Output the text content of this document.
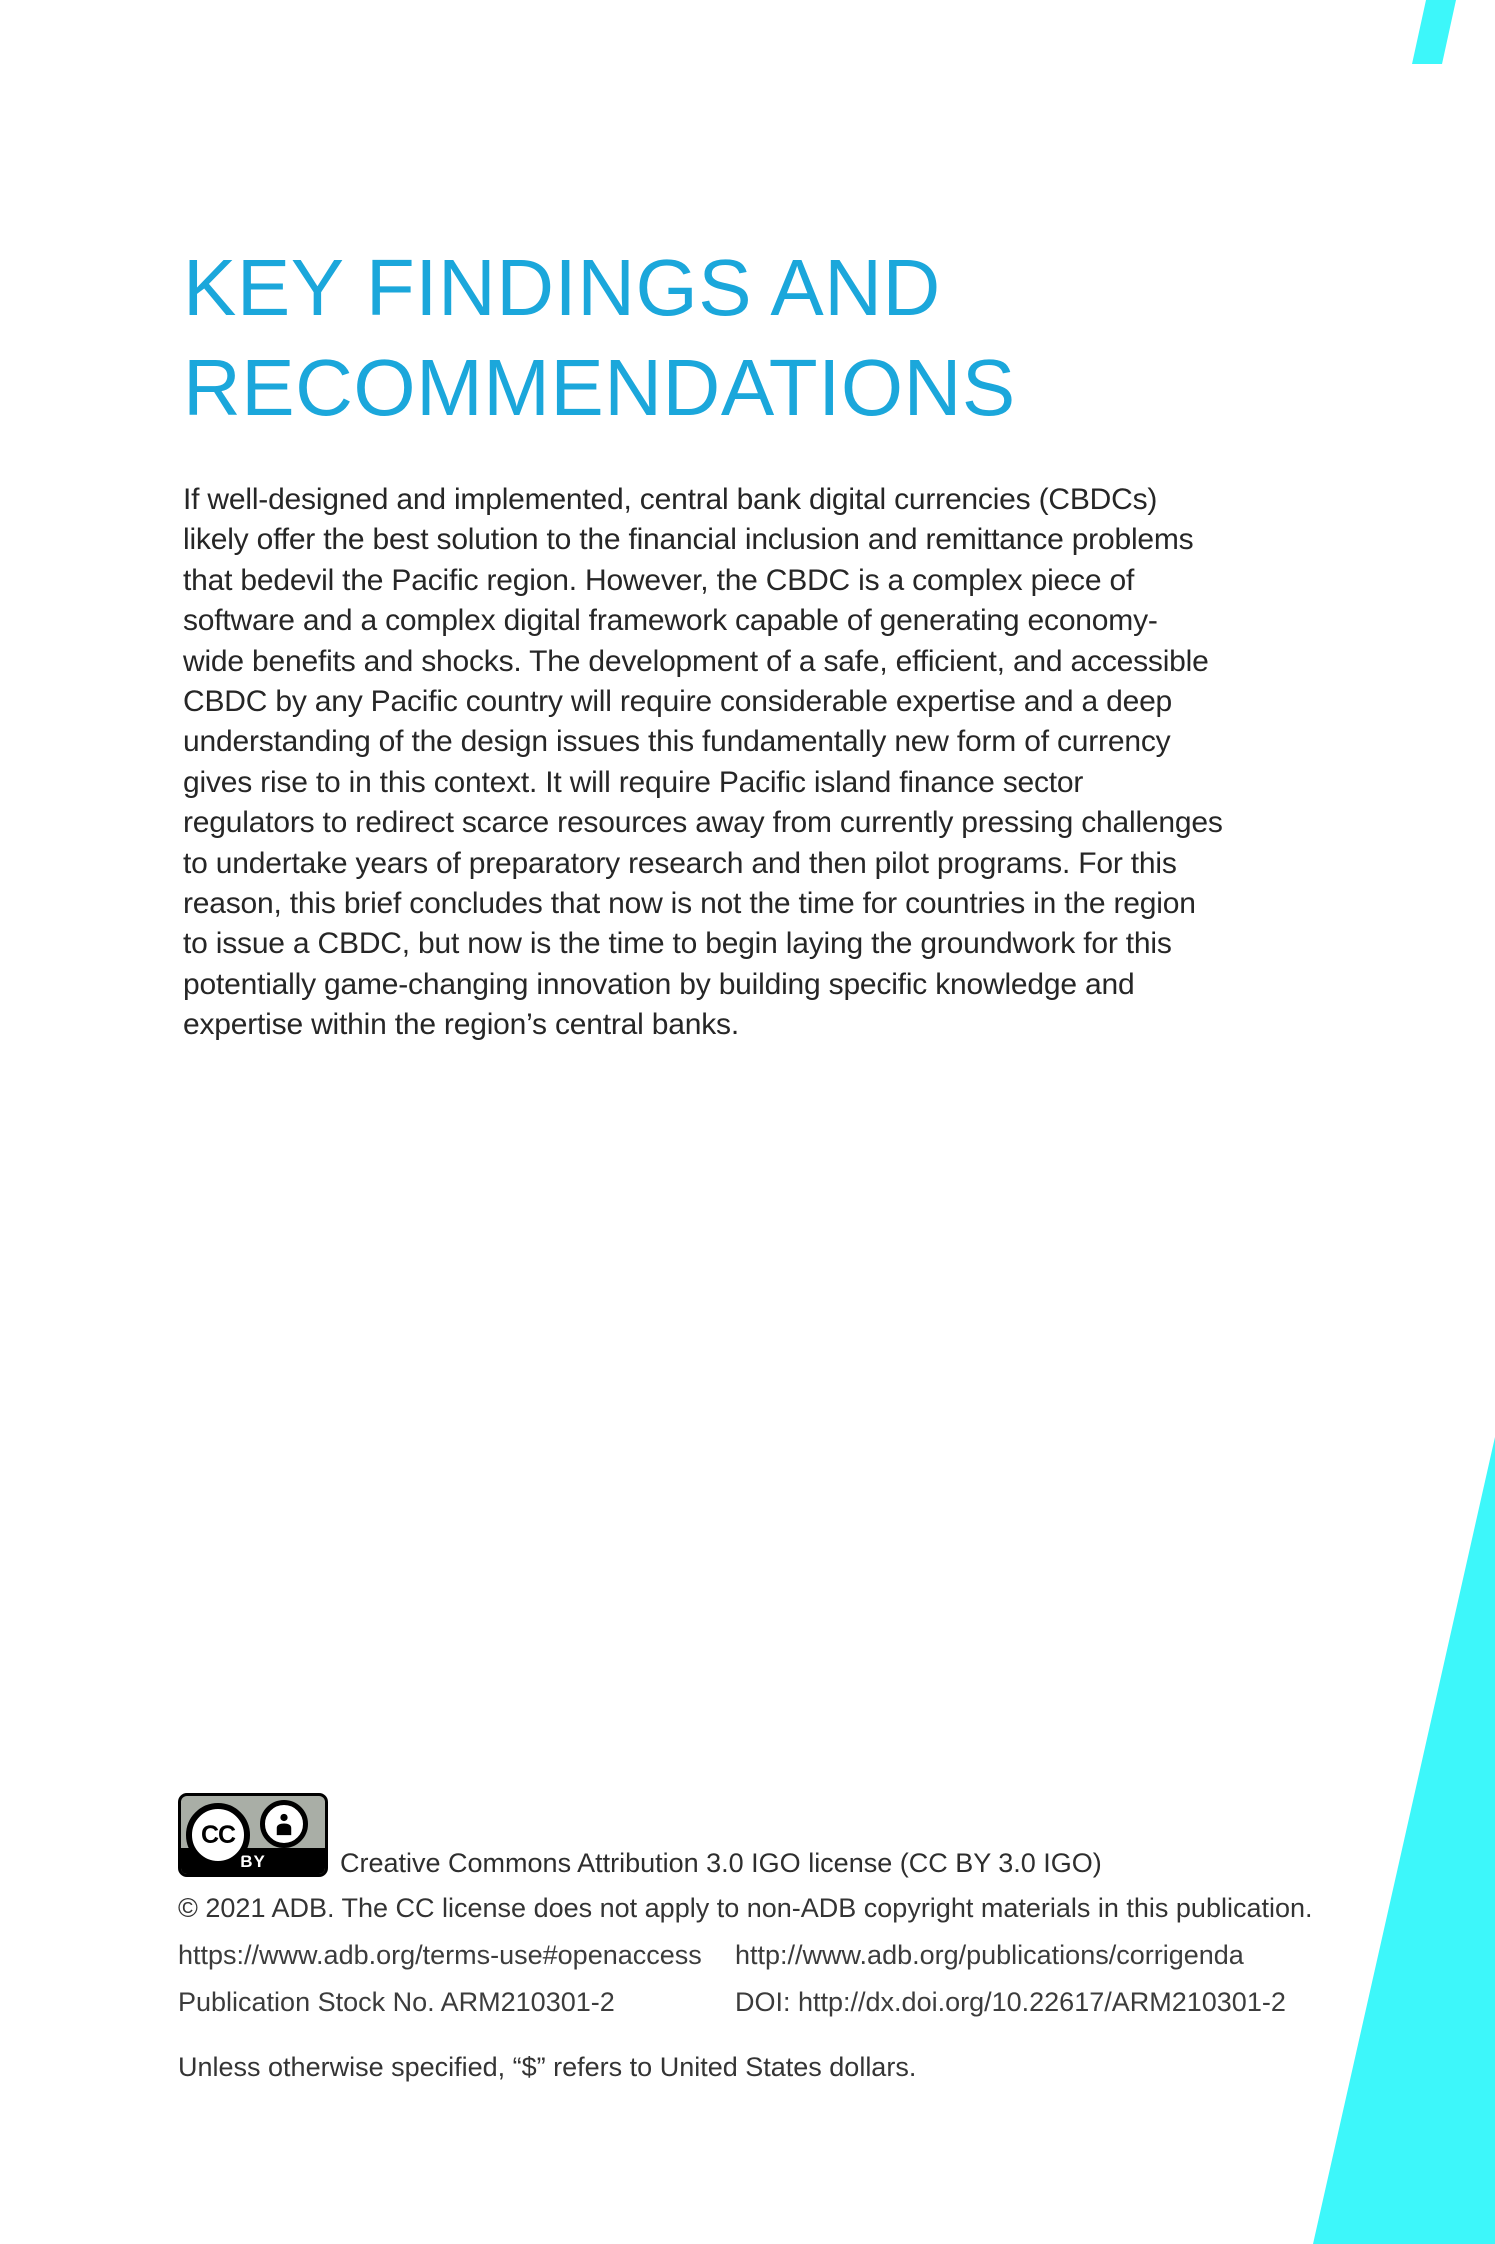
KEY FINDINGS AND
RECOMMENDATIONS
If well-designed and implemented, central bank digital currencies (CBDCs)
likely offer the best solution to the financial inclusion and remittance problems
that bedevil the Pacific region. However, the CBDC is a complex piece of
software and a complex digital framework capable of generating economy-
wide benefits and shocks. The development of a safe, efficient, and accessible
CBDC by any Pacific country will require considerable expertise and a deep
understanding of the design issues this fundamentally new form of currency
gives rise to in this context. It will require Pacific island finance sector
regulators to redirect scarce resources away from currently pressing challenges
to undertake years of preparatory research and then pilot programs. For this
reason, this brief concludes that now is not the time for countries in the region
to issue a CBDC, but now is the time to begin laying the groundwork for this
potentially game-changing innovation by building specific knowledge and
expertise within the region’s central banks.
BY
CC
Creative Commons Attribution 3.0 IGO license (CC BY 3.0 IGO)
© 2021 ADB. The CC license does not apply to non-ADB copyright materials in this publication.
https://www.adb.org/terms-use#openaccess http://www.adb.org/publications/corrigenda
Publication Stock No. ARM210301-2	DOI: http://dx.doi.org/10.22617/ARM210301-2
Unless otherwise specified, “$” refers to United States dollars.
